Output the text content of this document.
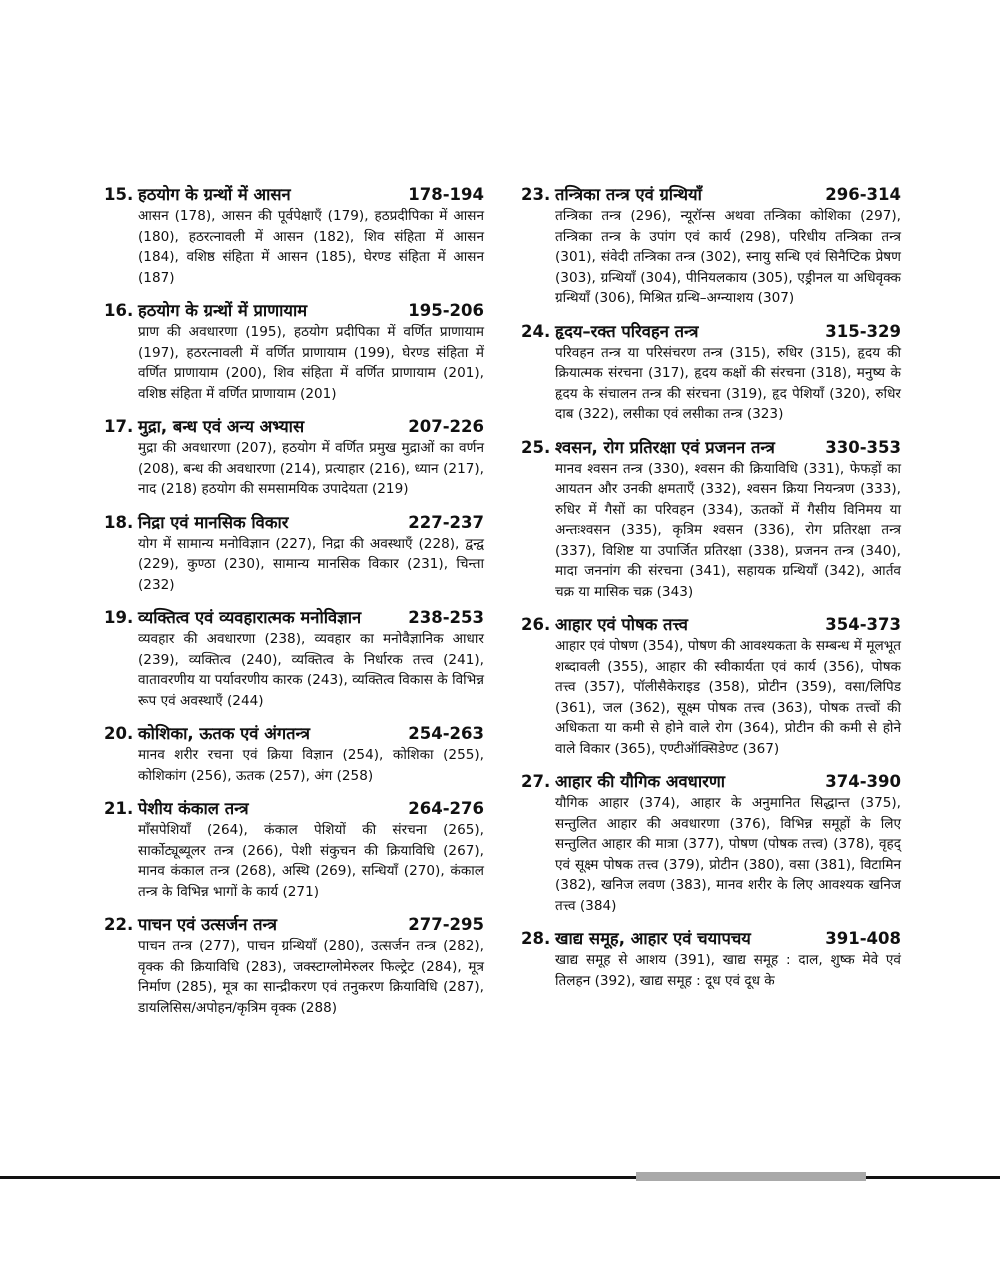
15. हठयोग के ग्रन्थों में आसन	178-194
आसन (178), आसन की पूर्वपेक्षाएँ (179), हठप्रदीपिका में आसन (180), हठरत्नावली में आसन (182), शिव संहिता में आसन (184), वशिष्ठ संहिता में आसन (185), घेरण्ड संहिता में आसन (187)
16. हठयोग के ग्रन्थों में प्राणायाम	195-206
प्राण की अवधारणा (195), हठयोग प्रदीपिका में वर्णित प्राणायाम (197), हठरत्नावली में वर्णित प्राणायाम (199), घेरण्ड संहिता में वर्णित प्राणायाम (200), शिव संहिता में वर्णित प्राणायाम (201), वशिष्ठ संहिता में वर्णित प्राणायाम (201)
17. मुद्रा, बन्ध एवं अन्य अभ्यास	207-226
मुद्रा की अवधारणा (207), हठयोग में वर्णित प्रमुख मुद्राओं का वर्णन (208), बन्ध की अवधारणा (214), प्रत्याहार (216), ध्यान (217), नाद (218) हठयोग की समसामयिक उपादेयता (219)
18. निद्रा एवं मानसिक विकार	227-237
योग में सामान्य मनोविज्ञान (227), निद्रा की अवस्थाएँ (228), द्वन्द्व (229), कुण्ठा (230), सामान्य मानसिक विकार (231), चिन्ता (232)
19. व्यक्तित्व एवं व्यवहारात्मक मनोविज्ञान	238-253
व्यवहार की अवधारणा (238), व्यवहार का मनोवैज्ञानिक आधार (239), व्यक्तित्व (240), व्यक्तित्व के निर्धारक तत्त्व (241), वातावरणीय या पर्यावरणीय कारक (243), व्यक्तित्व विकास के विभिन्न रूप एवं अवस्थाएँ (244)
20. कोशिका, ऊतक एवं अंगतन्त्र	254-263
मानव शरीर रचना एवं क्रिया विज्ञान (254), कोशिका (255), कोशिकांग (256), ऊतक (257), अंग (258)
21. पेशीय कंकाल तन्त्र	264-276
माँसपेशियाँ (264), कंकाल पेशियों की संरचना (265), सार्कोट्यूब्यूलर तन्त्र (266), पेशी संकुचन की क्रियाविधि (267), मानव कंकाल तन्त्र (268), अस्थि (269), सन्धियाँ (270), कंकाल तन्त्र के विभिन्न भागों के कार्य (271)
22. पाचन एवं उत्सर्जन तन्त्र	277-295
पाचन तन्त्र (277), पाचन ग्रन्थियाँ (280), उत्सर्जन तन्त्र (282), वृक्क की क्रियाविधि (283), जक्स्टाग्लोमेरुलर फिल्ट्रेट (284), मूत्र निर्माण (285), मूत्र का सान्द्रीकरण एवं तनुकरण क्रियाविधि (287), डायलिसिस/अपोहन/कृत्रिम वृक्क (288)
23. तन्त्रिका तन्त्र एवं ग्रन्थियाँ	296-314
तन्त्रिका तन्त्र (296), न्यूरॉन्स अथवा तन्त्रिका कोशिका (297), तन्त्रिका तन्त्र के उपांग एवं कार्य (298), परिधीय तन्त्रिका तन्त्र (301), संवेदी तन्त्रिका तन्त्र (302), स्नायु सन्धि एवं सिनैप्टिक प्रेषण (303), ग्रन्थियाँ (304), पीनियलकाय (305), एड्रीनल या अधिवृक्क ग्रन्थियाँ (306), मिश्रित ग्रन्थि–अग्न्याशय (307)
24. हृदय–रक्त परिवहन तन्त्र	315-329
परिवहन तन्त्र या परिसंचरण तन्त्र (315), रुधिर (315), हृदय की क्रियात्मक संरचना (317), हृदय कक्षों की संरचना (318), मनुष्य के हृदय के संचालन तन्त्र की संरचना (319), हृद पेशियाँ (320), रुधिर दाब (322), लसीका एवं लसीका तन्त्र (323)
25. श्वसन, रोग प्रतिरक्षा एवं प्रजनन तन्त्र	330-353
मानव श्वसन तन्त्र (330), श्वसन की क्रियाविधि (331), फेफड़ों का आयतन और उनकी क्षमताएँ (332), श्वसन क्रिया नियन्त्रण (333), रुधिर में गैसों का परिवहन (334), ऊतकों में गैसीय विनिमय या अन्तःश्वसन (335), कृत्रिम श्वसन (336), रोग प्रतिरक्षा तन्त्र (337), विशिष्ट या उपार्जित प्रतिरक्षा (338), प्रजनन तन्त्र (340), मादा जननांग की संरचना (341), सहायक ग्रन्थियाँ (342), आर्तव चक्र या मासिक चक्र (343)
26. आहार एवं पोषक तत्त्व	354-373
आहार एवं पोषण (354), पोषण की आवश्यकता के सम्बन्ध में मूलभूत शब्दावली (355), आहार की स्वीकार्यता एवं कार्य (356), पोषक तत्त्व (357), पॉलीसैकेराइड (358), प्रोटीन (359), वसा/लिपिड (361), जल (362), सूक्ष्म पोषक तत्त्व (363), पोषक तत्त्वों की अधिकता या कमी से होने वाले रोग (364), प्रोटीन की कमी से होने वाले विकार (365), एण्टीऑक्सिडेण्ट (367)
27. आहार की यौगिक अवधारणा	374-390
यौगिक आहार (374), आहार के अनुमानित सिद्धान्त (375), सन्तुलित आहार की अवधारणा (376), विभिन्न समूहों के लिए सन्तुलित आहार की मात्रा (377), पोषण (पोषक तत्त्व) (378), वृहद् एवं सूक्ष्म पोषक तत्त्व (379), प्रोटीन (380), वसा (381), विटामिन (382), खनिज लवण (383), मानव शरीर के लिए आवश्यक खनिज तत्त्व (384)
28. खाद्य समूह, आहार एवं चयापचय	391-408
खाद्य समूह से आशय (391), खाद्य समूह : दाल, शुष्क मेवे एवं तिलहन (392), खाद्य समूह : दूध एवं दूध के
